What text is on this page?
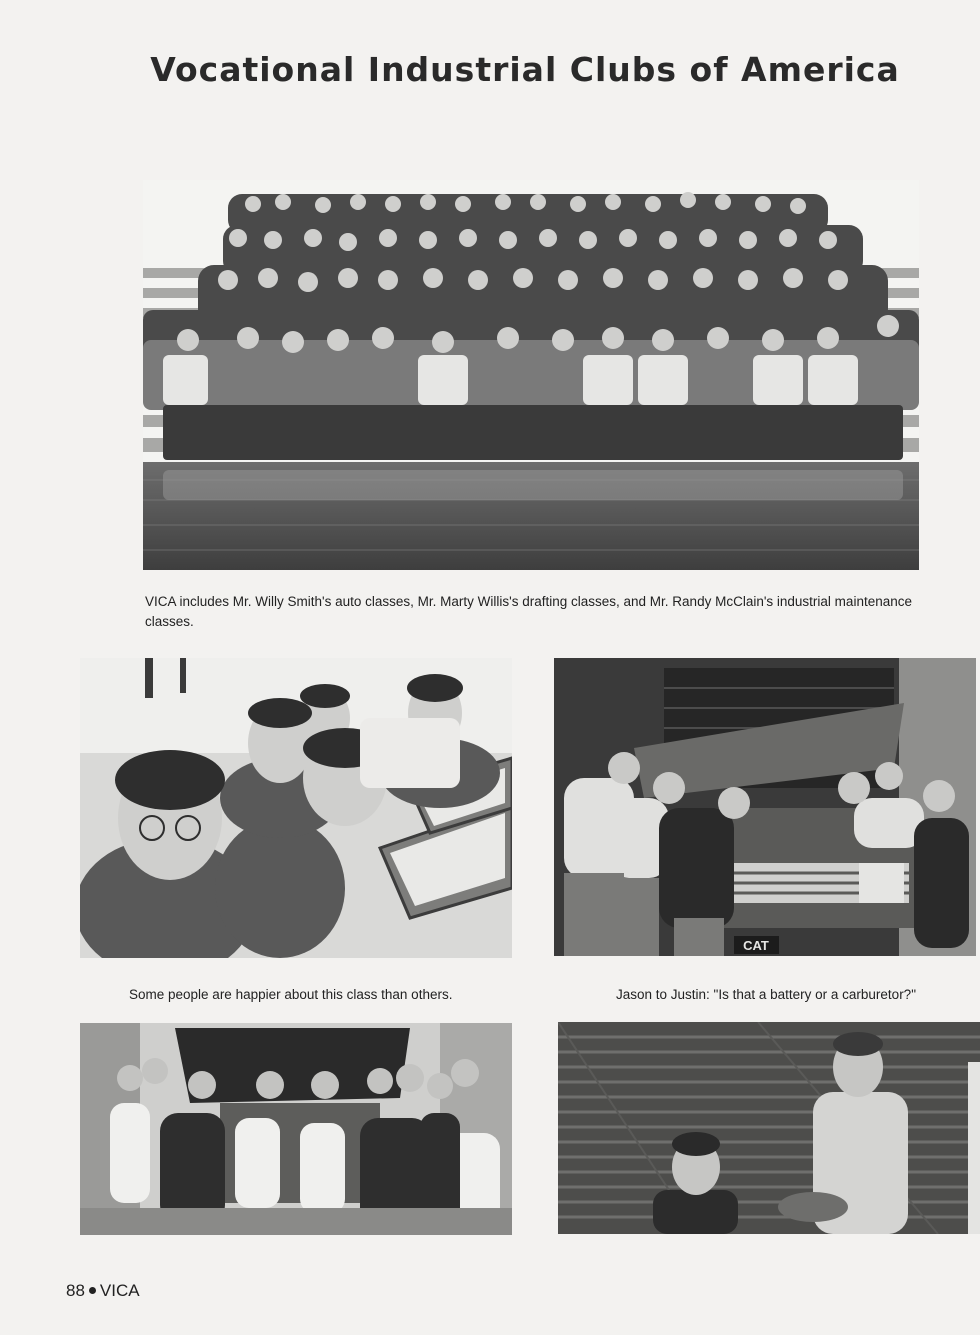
Vocational Industrial Clubs of America
VICA includes Mr. Willy Smith's auto classes, Mr. Marty Willis's drafting classes, and Mr. Randy McClain's industrial maintenance classes.
Some people are happier about this class than others.
CAT
Jason to Justin: "Is that a battery or a carburetor?"
88 VICA
